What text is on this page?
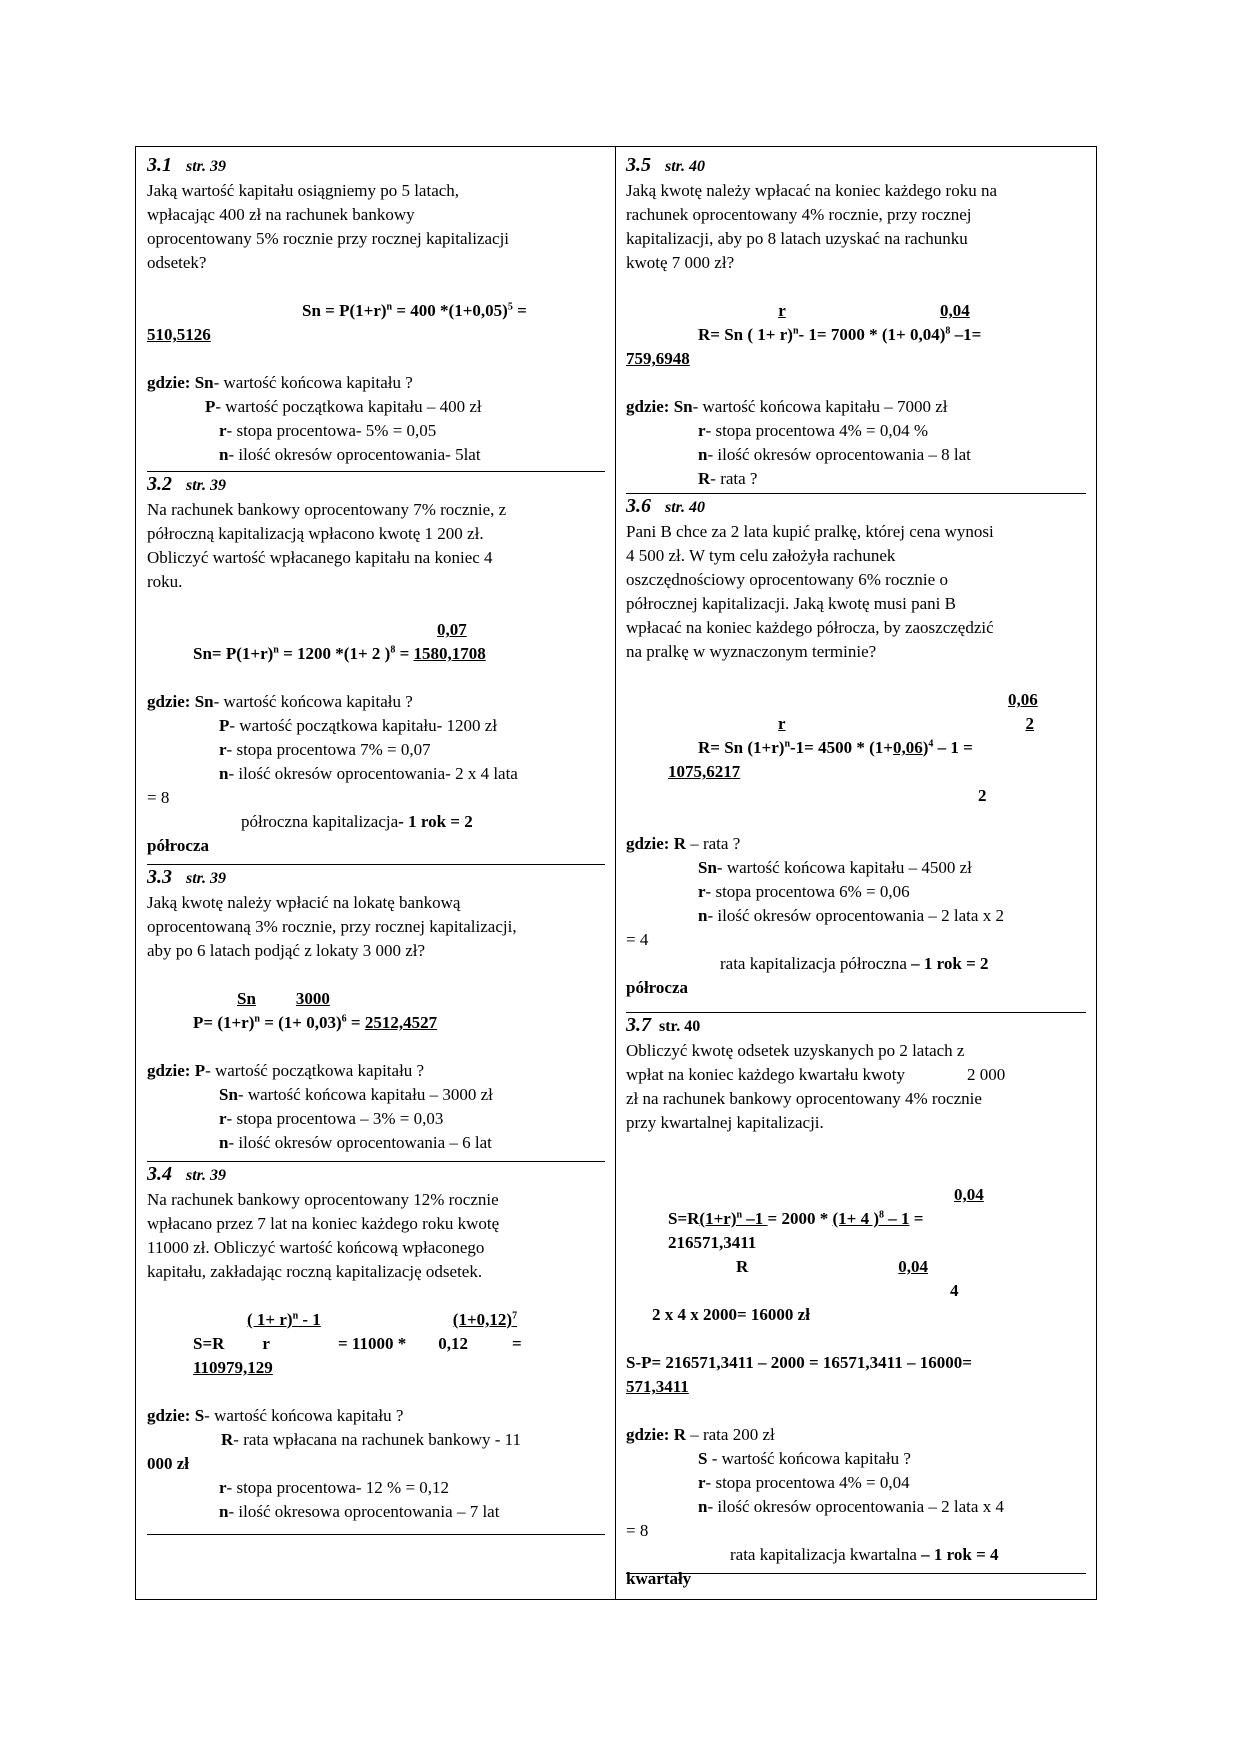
3.1 str. 39
Jaką wartość kapitału osiągniemy po 5 latach,
wpłacając 400 zł na rachunek bankowy
oprocentowany 5% rocznie przy rocznej kapitalizacji
odsetek?
$Sn = P(1+r)^n = 400$ $*(1+0,05)^5$ =
510,5126
gdzie: Sn- wartość końcowa kapitału ?
P- wartość początkowa kapitału – 400 zł
r- stopa procentowa- 5% = 0,05
n- ilość okresów oprocentowania- 5lat
3.2 str. 39
Na rachunek bankowy oprocentowany 7% rocznie, z
półroczną kapitalizacją wpłacono kwotę 1 200 zł.
Obliczyć wartość wpłacanego kapitału na koniec 4
roku.
0,07
$Sn= P(1+r)^n = 1200$ *(1+ 2 )$^8$ = 1580,1708
gdzie: Sn- wartość końcowa kapitału ?
P- wartość początkowa kapitału- 1200 zł
r- stopa procentowa 7% = 0,07
n- ilość okresów oprocentowania- 2 x 4 lata
= 8
półroczna kapitalizacja- 1 rok = 2
półrocza
3.3 str. 39
Jaką kwotę należy wpłacić na lokatę bankową
oprocentowaną 3% rocznie, przy rocznej kapitalizacji,
aby po 6 latach podjąć z lokaty 3 000 zł?
Sn 3000
$P= (1+r)^n = (1+ 0,03)^6 = 2512,4527$
gdzie: P- wartość początkowa kapitału ?
Sn- wartość końcowa kapitału – 3000 zł
r- stopa procentowa – 3% = 0,03
n- ilość okresów oprocentowania – 6 lat
3.4 str. 39
Na rachunek bankowy oprocentowany 12% rocznie
wpłacano przez 7 lat na koniec każdego roku kwotę
11000 zł. Obliczyć wartość końcową wpłaconego
kapitału, zakładając roczną kapitalizację odsetek.
( 1+ r)$^n$ - 1	$(1+0,12)^7$
S=R r	= 11000 * 0,12	=
110979,129
gdzie: S- wartość końcowa kapitału ?
R- rata wpłacana na rachunek bankowy - 11
000 zł
r- stopa procentowa- 12 % = 0,12
n- ilość okresowa oprocentowania – 7 lat
3.5 str. 40
Jaką kwotę należy wpłacać na koniec każdego roku na
rachunek oprocentowany 4% rocznie, przy rocznej
kapitalizacji, aby po 8 latach uzyskać na rachunku
kwotę 7 000 zł?
r	0,04
R= Sn ( 1+ r)$^n$- $1= 7000 * (1+ 0,04)^8$ –1=
759,6948
gdzie: Sn- wartość końcowa kapitału – 7000 zł
r- stopa procentowa 4% = 0,04 %
n- ilość okresów oprocentowania – 8 lat
R- rata ?
3.6 str. 40
Pani B chce za 2 lata kupić pralkę, której cena wynosi
4 500 zł. W tym celu założyła rachunek
oszczędnościowy oprocentowany 6% rocznie o
półrocznej kapitalizacji. Jaką kwotę musi pani B
wpłacać na koniec każdego półrocza, by zaoszczędzić
na pralkę w wyznaczonym terminie?
0,06
r	2

R= Sn $(1+r)^n-1= 4500 * (1+0,06)^4 - 1$ =
1075,6217
2
gdzie: R – rata ?
Sn- wartość końcowa kapitału – 4500 zł
r- stopa procentowa 6% = 0,06
n- ilość okresów oprocentowania – 2 lata x 2
= 4
rata kapitalizacja półroczna – 1 rok = 2
półrocza
3.7 str. 40
Obliczyć kwotę odsetek uzyskanych po 2 latach z
wpłat na koniec każdego kwartału kwoty	2 000
zł na rachunek bankowy oprocentowany 4% rocznie
przy kwartalnej kapitalizacji.
0,04
$S=R(1+r)^n$ –1 = 2000 * (1+ 4 )$^8$ – 1 =
216571,3411
R	0,04
4
2 x 4 x 2000= 16000 zł
S-P= 216571,3411 – 2000 = 16571,3411 – 16000=
571,3411
gdzie: R – rata 200 zł
S - wartość końcowa kapitału ?
r- stopa procentowa 4% = 0,04
n- ilość okresów oprocentowania – 2 lata x 4
= 8
rata kapitalizacja kwartalna – 1 rok = 4
kwartały
